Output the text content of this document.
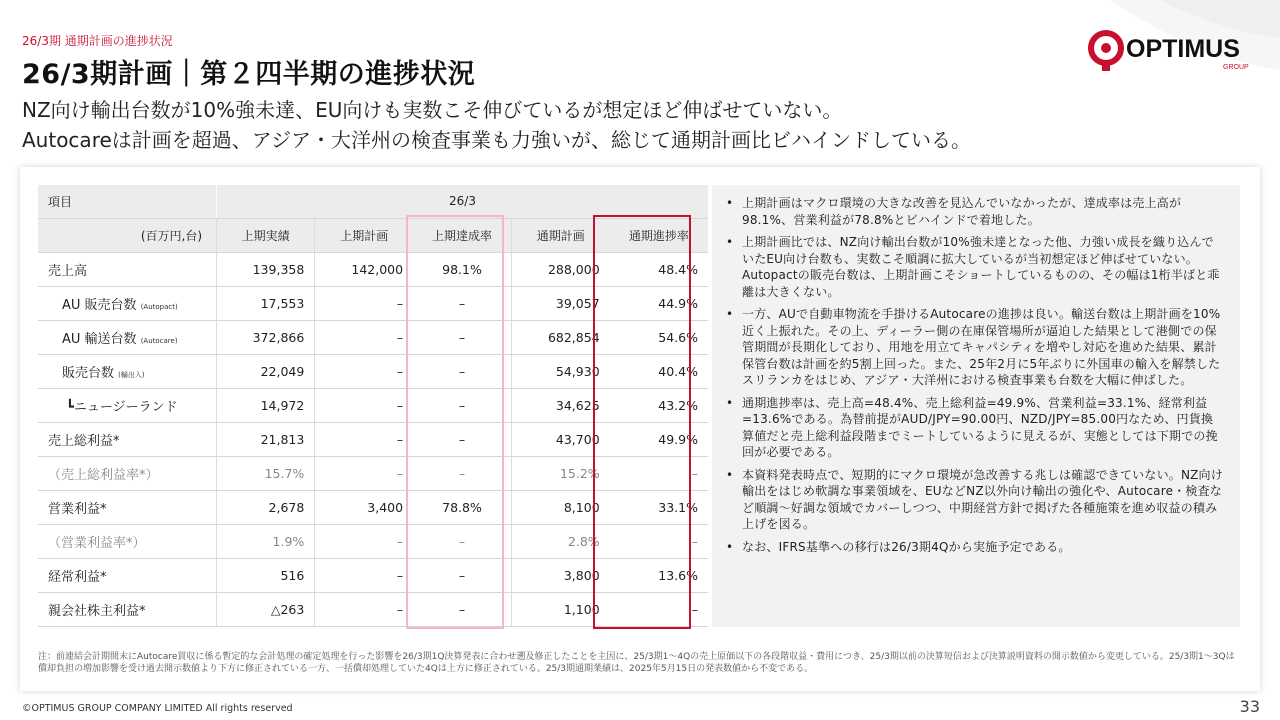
26/3期 通期計画の進捗状況
26/3期計画｜第２四半期の進捗状況
OPTIMUS
GROUP
NZ向け輸出台数が10%強未達、EU向けも実数こそ伸びているが想定ほど伸ばせていない。
Autocareは計画を超過、アジア・大洋州の検査事業も力強いが、総じて通期計画比ビハインドしている。
項目	26/3				
(百万円,台)	上期実績	上期計画	上期達成率	通期計画	通期進捗率
売上高	139,358	142,000	98.1%	288,000	48.4%
AU 販売台数 (Autopact)	17,553	–	–	39,057	44.9%
AU 輸送台数 (Autocare)	372,866	–	–	682,854	54.6%
販売台数 (輸出入)	22,049	–	–	54,930	40.4%
┗ニュージーランド	14,972	–	–	34,625	43.2%
売上総利益*	21,813	–	–	43,700	49.9%
（売上総利益率*）	15.7%	–	–	15.2%	–
営業利益*	2,678	3,400	78.8%	8,100	33.1%
（営業利益率*）	1.9%	–	–	2.8%	–
経常利益*	516	–	–	3,800	13.6%
親会社株主利益*	△263	–	–	1,100	–
• 上期計画はマクロ環境の大きな改善を見込んでいなかったが、達成率は売上高が98.1%、営業利益が78.8%とビハインドで着地した。
• 上期計画比では、NZ向け輸出台数が10%強未達となった他、力強い成長を織り込んでいたEU向け台数も、実数こそ順調に拡大しているが当初想定ほど伸ばせていない。Autopactの販売台数は、上期計画こそショートしているものの、その幅は1桁半ばと乖離は大きくない。
• 一方、AUで自動車物流を手掛けるAutocareの進捗は良い。輸送台数は上期計画を10%近く上振れた。その上、ディーラー側の在庫保管場所が逼迫した結果として港側での保管期間が長期化しており、用地を用立てキャパシティを増やし対応を進めた結果、累計保管台数は計画を約5割上回った。また、25年2月に5年ぶりに外国車の輸入を解禁したスリランカをはじめ、アジア・大洋州における検査事業も台数を大幅に伸ばした。
• 通期進捗率は、売上高=48.4%、売上総利益=49.9%、営業利益=33.1%、経常利益=13.6%である。為替前提がAUD/JPY=90.00円、NZD/JPY=85.00円なため、円貨換算値だと売上総利益段階までミートしているように見えるが、実態としては下期での挽回が必要である。
• 本資料発表時点で、短期的にマクロ環境が急改善する兆しは確認できていない。NZ向け輸出をはじめ軟調な事業領域を、EUなどNZ以外向け輸出の強化や、Autocare・検査など順調～好調な領域でカバーしつつ、中期経営方針で掲げた各種施策を進め収益の積み上げを図る。
• なお、IFRS基準への移行は26/3期4Qから実施予定である。
注：前連結会計期間末にAutocare買収に係る暫定的な会計処理の確定処理を行った影響を26/3期1Q決算発表に合わせ遡及修正したことを主因に、25/3期1～4Qの売上原価以下の各段階収益・費用につき、25/3期以前の決算短信および決算説明資料の開示数値から変更している。25/3期1～3Qは償却負担の増加影響を受け過去開示数値より下方に修正されている一方、一括償却処理していた4Qは上方に修正されている。25/3期通期業績は、2025年5月15日の発表数値から不変である。
©OPTIMUS GROUP COMPANY LIMITED All rights reserved	33
